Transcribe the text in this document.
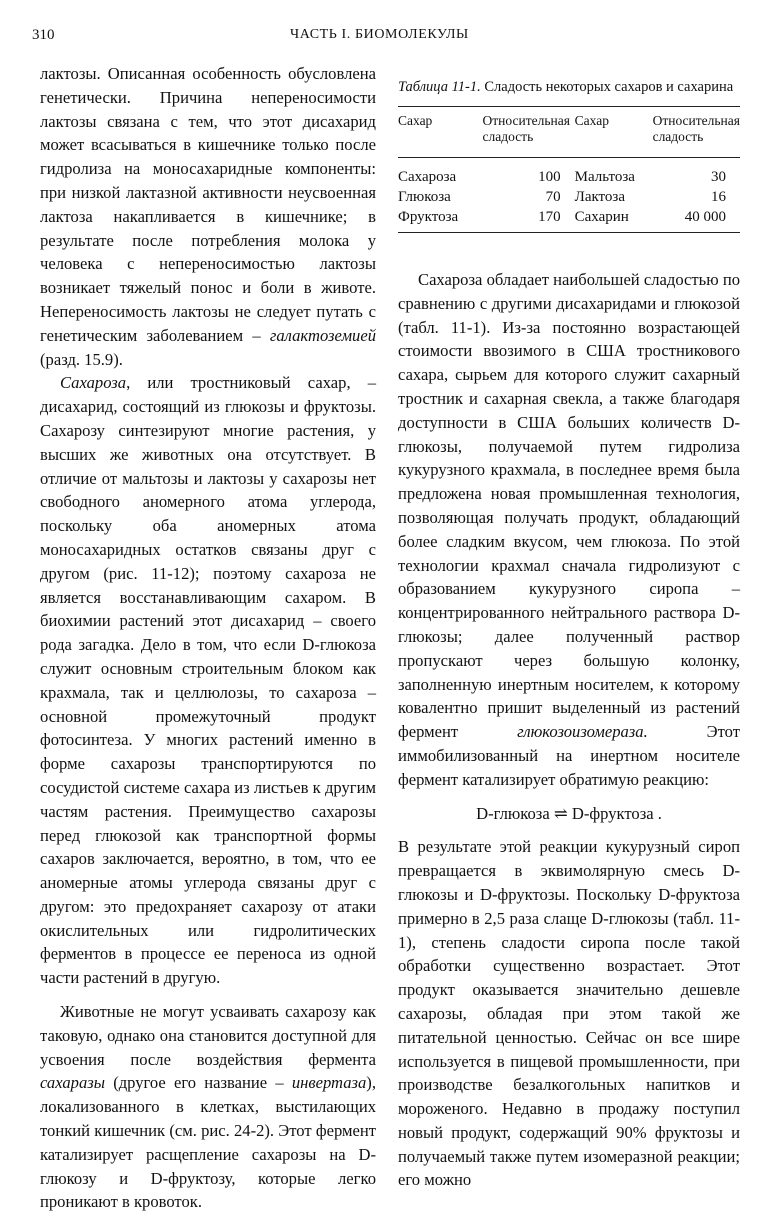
310	ЧАСТЬ I. БИОМОЛЕКУЛЫ

лактозы. Описанная особенность обусловлена генетически. Причина непереносимости лактозы связана с тем, что этот дисахарид может всасываться в кишечнике только после гидролиза на моносахаридные компоненты: при низкой лактазной активности неусвоенная лактоза накапливается в кишечнике; в результате после потребления молока у человека с непереносимостью лактозы возникает тяжелый понос и боли в животе. Непереносимость лактозы не следует путать с генетическим заболеванием – галактоземией (разд. 15.9).

Сахароза, или тростниковый сахар, – дисахарид, состоящий из глюкозы и фруктозы. Сахарозу синтезируют многие растения, у высших же животных она отсутствует. В отличие от мальтозы и лактозы у сахарозы нет свободного аномерного атома углерода, поскольку оба аномерных атома моносахаридных остатков связаны друг с другом (рис. 11-12); поэтому сахароза не является восстанавливающим сахаром. В биохимии растений этот дисахарид – своего рода загадка. Дело в том, что если D-глюкоза служит основным строительным блоком как крахмала, так и целлюлозы, то сахароза – основной промежуточный продукт фотосинтеза. У многих растений именно в форме сахарозы транспортируются по сосудистой системе сахара из листьев к другим частям растения. Преимущество сахарозы перед глюкозой как транспортной формы сахаров заключается, вероятно, в том, что ее аномерные атомы углерода связаны друг с другом: это предохраняет сахарозу от атаки окислительных или гидролитических ферментов в процессе ее переноса из одной части растений в другую.

Животные не могут усваивать сахарозу как таковую, однако она становится доступной для усвоения после воздействия фермента сахаразы (другое его название – инвертаза), локализованного в клетках, выстилающих тонкий кишечник (см. рис. 24-2). Этот фермент катализирует расщепление сахарозы на D-глюкозу и D-фруктозу, которые легко проникают в кровоток.

Таблица 11-1. Сладость некоторых сахаров и сахарина
Сахар	Относительная сладость	Сахар	Относительная сладость
Сахароза	100	Мальтоза	30
Глюкоза	70	Лактоза	16
Фруктоза	170	Сахарин	40 000

Сахароза обладает наибольшей сладостью по сравнению с другими дисахаридами и глюкозой (табл. 11-1). Из-за постоянно возрастающей стоимости ввозимого в США тростникового сахара, сырьем для которого служит сахарный тростник и сахарная свекла, а также благодаря доступности в США больших количеств D-глюкозы, получаемой путем гидролиза кукурузного крахмала, в последнее время была предложена новая промышленная технология, позволяющая получать продукт, обладающий более сладким вкусом, чем глюкоза. По этой технологии крахмал сначала гидролизуют с образованием кукурузного сиропа – концентрированного нейтрального раствора D-глюкозы; далее полученный раствор пропускают через большую колонку, заполненную инертным носителем, к которому ковалентно пришит выделенный из растений фермент	глюкозоизомераза.	Этот иммобилизованный на инертном носителе фермент катализирует обратимую реакцию:

D-глюкоза ⇌ D-фруктоза .

В результате этой реакции кукурузный сироп превращается в эквимолярную смесь D-глюкозы и D-фруктозы. Поскольку D-фруктоза примерно в 2,5 раза слаще D-глюкозы (табл. 11-1), степень сладости сиропа после такой обработки существенно возрастает. Этот продукт оказывается значительно дешевле сахарозы, обладая при этом такой же питательной ценностью. Сейчас он все шире используется в пищевой промышленности, при производстве безалкогольных напитков и мороженого. Недавно в продажу поступил новый продукт, содержащий 90% фруктозы и получаемый также путем изомеразной реакции; его можно
